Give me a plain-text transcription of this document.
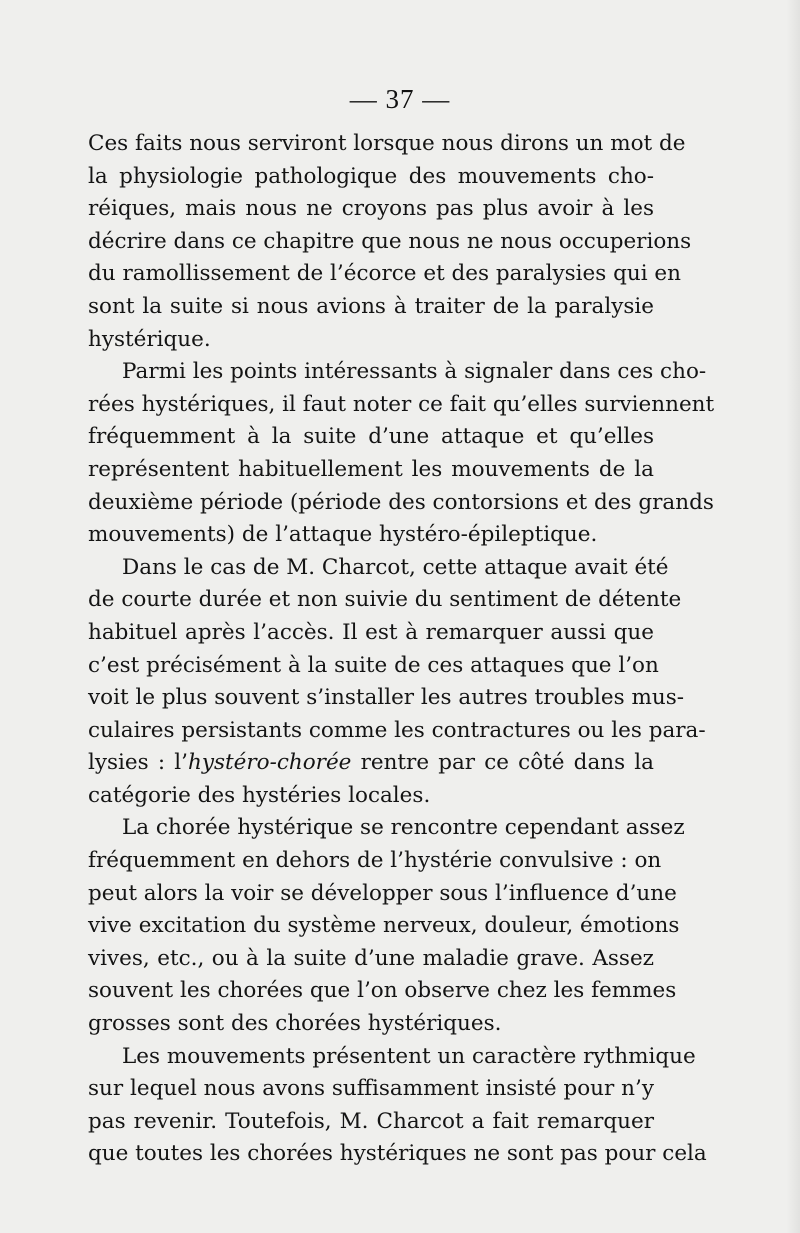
— 37 —

Ces faits nous serviront lorsque nous dirons un mot de
la physiologie pathologique des mouvements cho-
réiques, mais nous ne croyons pas plus avoir à les
décrire dans ce chapitre que nous ne nous occuperions
du ramollissement de l’écorce et des paralysies qui en
sont la suite si nous avions à traiter de la paralysie
hystérique.

Parmi les points intéressants à signaler dans ces cho-
rées hystériques, il faut noter ce fait qu’elles surviennent
fréquemment à la suite d’une attaque et qu’elles
représentent habituellement les mouvements de la
deuxième période (période des contorsions et des grands
mouvements) de l’attaque hystéro-épileptique.

Dans le cas de M. Charcot, cette attaque avait été
de courte durée et non suivie du sentiment de détente
habituel après l’accès. Il est à remarquer aussi que
c’est précisément à la suite de ces attaques que l’on
voit le plus souvent s’installer les autres troubles mus-
culaires persistants comme les contractures ou les para-
lysies : l’hystéro-chorée rentre par ce côté dans la
catégorie des hystéries locales.

La chorée hystérique se rencontre cependant assez
fréquemment en dehors de l’hystérie convulsive : on
peut alors la voir se développer sous l’influence d’une
vive excitation du système nerveux, douleur, émotions
vives, etc., ou à la suite d’une maladie grave. Assez
souvent les chorées que l’on observe chez les femmes
grosses sont des chorées hystériques.

Les mouvements présentent un caractère rythmique
sur lequel nous avons suffisamment insisté pour n’y
pas revenir. Toutefois, M. Charcot a fait remarquer
que toutes les chorées hystériques ne sont pas pour cela
